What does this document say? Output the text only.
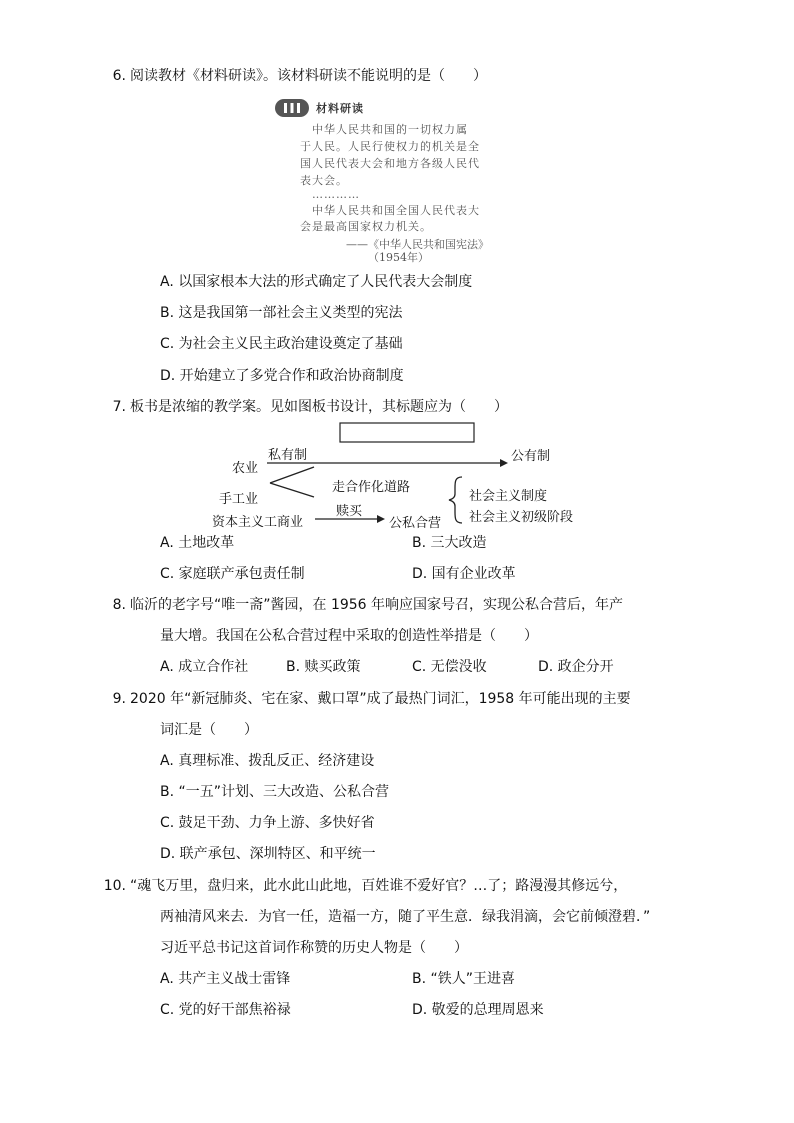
6. 阅读教材《材料研读》。该材料研读不能说明的是（　　）
材料研读
中华人民共和国的一切权力属
于人民。人民行使权力的机关是全
国人民代表大会和地方各级人民代
表大会。
…………
中华人民共和国全国人民代表大
会是最高国家权力机关。
——《中华人民共和国宪法》
（1954年）
A. 以国家根本大法的形式确定了人民代表大会制度
B. 这是我国第一部社会主义类型的宪法
C. 为社会主义民主政治建设奠定了基础
D. 开始建立了多党合作和政治协商制度
7. 板书是浓缩的教学案。见如图板书设计，其标题应为（　　）
私有制	公有制
农业
走合作化道路
手工业
赎买
资本主义工商业	公私合营
社会主义制度
社会主义初级阶段
A. 土地改革	B. 三大改造
C. 家庭联产承包责任制	D. 国有企业改革
8. 临沂的老字号“唯一斋”酱园，在 1956 年响应国家号召，实现公私合营后，年产
量大增。我国在公私合营过程中采取的创造性举措是（　　）
A. 成立合作社	B. 赎买政策	C. 无偿没收	D. 政企分开
9. 2020 年“新冠肺炎、宅在家、戴口罩”成了最热门词汇，1958 年可能出现的主要
词汇是（　　）
A. 真理标准、拨乱反正、经济建设
B. “一五”计划、三大改造、公私合营
C. 鼓足干劲、力争上游、多快好省
D. 联产承包、深圳特区、和平统一
10. “魂飞万里，盘归来，此水此山此地，百姓谁不爱好官？…了；路漫漫其修远兮，
两袖清风来去．为官一任，造福一方，随了平生意．绿我涓滴，会它前倾澄碧．”
习近平总书记这首词作称赞的历史人物是（　　）
A. 共产主义战士雷锋	B. “铁人”王进喜
C. 党的好干部焦裕禄	D. 敬爱的总理周恩来
